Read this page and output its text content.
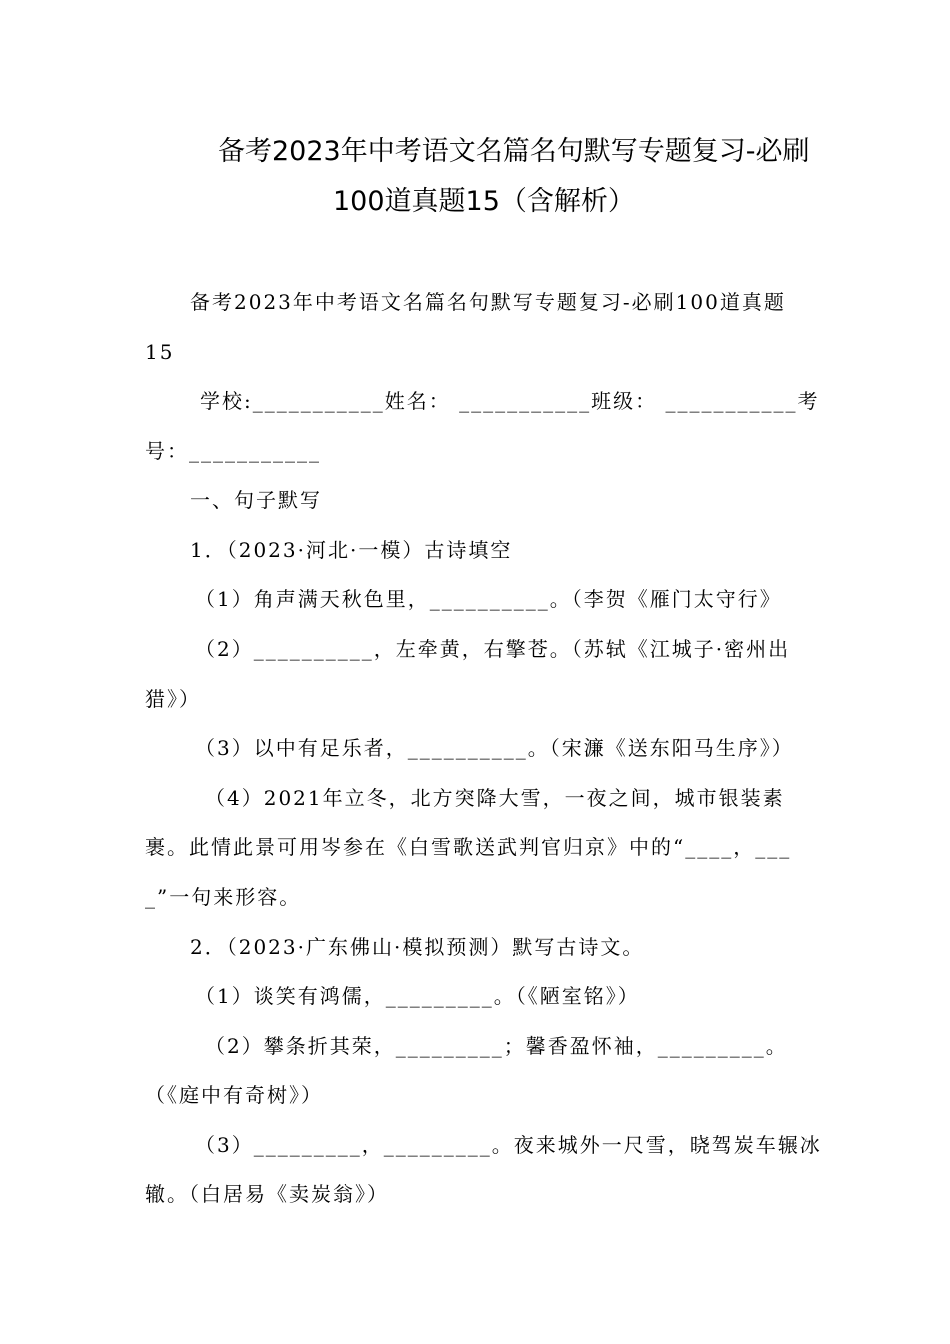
备考2023年中考语文名篇名句默写专题复习-必刷
100道真题15（含解析）
备考2023年中考语文名篇名句默写专题复习-必刷100道真题
15
学校:___________姓名： ___________班级： ___________考
号：___________
一、句子默写
1．（2023·河北·一模）古诗填空
（1）角声满天秋色里，__________。（李贺《雁门太守行》
（2）__________，左牵黄，右擎苍。（苏轼《江城子·密州出
猎》）
（3）以中有足乐者，__________。（宋濂《送东阳马生序》）
（4）2021年立冬，北方突降大雪，一夜之间，城市银装素
裹。此情此景可用岑参在《白雪歌送武判官归京》中的“____，___
_”一句来形容。
2．（2023·广东佛山·模拟预测）默写古诗文。
（1）谈笑有鸿儒，_________。（《陋室铭》）
（2）攀条折其荣，_________；馨香盈怀袖，_________。
（《庭中有奇树》）
（3）_________，_________。夜来城外一尺雪，晓驾炭车辗冰
辙。（白居易《卖炭翁》）
